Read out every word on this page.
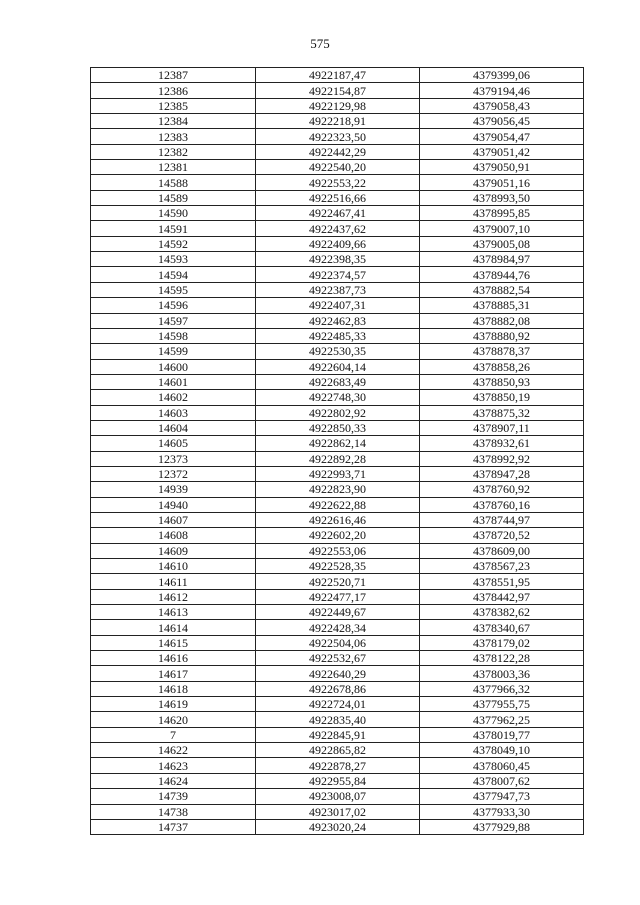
575
12387	4922187,47	4379399,06
12386	4922154,87	4379194,46
12385	4922129,98	4379058,43
12384	4922218,91	4379056,45
12383	4922323,50	4379054,47
12382	4922442,29	4379051,42
12381	4922540,20	4379050,91
14588	4922553,22	4379051,16
14589	4922516,66	4378993,50
14590	4922467,41	4378995,85
14591	4922437,62	4379007,10
14592	4922409,66	4379005,08
14593	4922398,35	4378984,97
14594	4922374,57	4378944,76
14595	4922387,73	4378882,54
14596	4922407,31	4378885,31
14597	4922462,83	4378882,08
14598	4922485,33	4378880,92
14599	4922530,35	4378878,37
14600	4922604,14	4378858,26
14601	4922683,49	4378850,93
14602	4922748,30	4378850,19
14603	4922802,92	4378875,32
14604	4922850,33	4378907,11
14605	4922862,14	4378932,61
12373	4922892,28	4378992,92
12372	4922993,71	4378947,28
14939	4922823,90	4378760,92
14940	4922622,88	4378760,16
14607	4922616,46	4378744,97
14608	4922602,20	4378720,52
14609	4922553,06	4378609,00
14610	4922528,35	4378567,23
14611	4922520,71	4378551,95
14612	4922477,17	4378442,97
14613	4922449,67	4378382,62
14614	4922428,34	4378340,67
14615	4922504,06	4378179,02
14616	4922532,67	4378122,28
14617	4922640,29	4378003,36
14618	4922678,86	4377966,32
14619	4922724,01	4377955,75
14620	4922835,40	4377962,25
7	4922845,91	4378019,77
14622	4922865,82	4378049,10
14623	4922878,27	4378060,45
14624	4922955,84	4378007,62
14739	4923008,07	4377947,73
14738	4923017,02	4377933,30
14737	4923020,24	4377929,88
